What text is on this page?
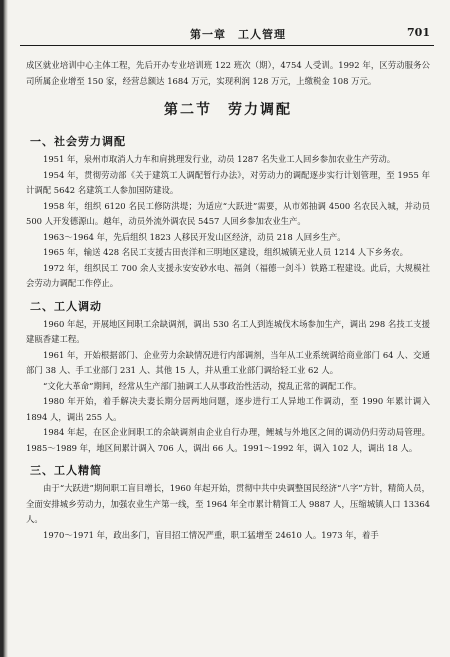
第一章　工人管理	701

成区就业培训中心主体工程，先后开办专业培训班 122 班次（期），4754 人受训。1992 年，区劳动服务公司所属企业增至 150 家，经营总额达 1684 万元，实现利润 128 万元，上缴税金 108 万元。

第二节　劳力调配
一、社会劳力调配

1951 年，泉州市取消人力车和肩挑理发行业，动员 1287 名失业工人回乡参加农业生产劳动。

1954 年，贯彻劳动部《关于建筑工人调配暂行办法》，对劳动力的调配逐步实行计划管理，至 1955 年计调配 5642 名建筑工人参加国防建设。

1958 年，组织 6120 名民工修防洪堤；为适应“大跃进”需要，从市郊抽调 4500 名农民入城，并动员 500 人开发德源山。越年，动员外流外调农民 5457 人回乡参加农业生产。

1963～1964 年，先后组织 1823 人移民开发山区经济，动员 218 人回乡生产。

1965 年，输送 428 名民工支援古田丧洋和三明地区建设，组织城镇无业人员 1214 人下乡务农。

1972 年，组织民工 700 余人支援永安安砂水电、福剑（福德一剑斗）铁路工程建设。此后，大规模社会劳动力调配工作停止。

二、工人调动

1960 年起，开展地区间职工余缺调剂，调出 530 名工人到连城伐木场参加生产，调出 298 名技工支援建瓯香建工程。

1961 年，开始根据部门、企业劳力余缺情况进行内部调剂，当年从工业系统调给商业部门 64 人、交通部门 38 人、手工业部门 231 人、其他 15 人，并从重工业部门调给轻工业 62 人。

“文化大革命”期间，经常从生产部门抽调工人从事政治性活动，搅乱正常的调配工作。

1980 年开始，着手解决夫妻长期分居两地问题，逐步进行工人异地工作调动，至 1990 年累计调入 1894 人，调出 255 人。

1984 年起，在区企业间职工的余缺调剂由企业自行办理，鲤城与外地区之间的调动仍归劳动局管理。1985～1989 年，地区间累计调入 706 人，调出 66 人。1991～1992 年，调入 102 人，调出 18 人。

三、工人精简

由于“大跃进”期间职工盲目增长，1960 年起开始，贯彻中共中央调整国民经济“八字”方针，精简人员，全面安排城乡劳动力，加强农业生产第一线，至 1964 年全市累计精简工人 9887 人，压缩城镇人口 13364 人。

1970～1971 年，政出多门，盲目招工情况严重，职工猛增至 24610 人。1973 年，着手
